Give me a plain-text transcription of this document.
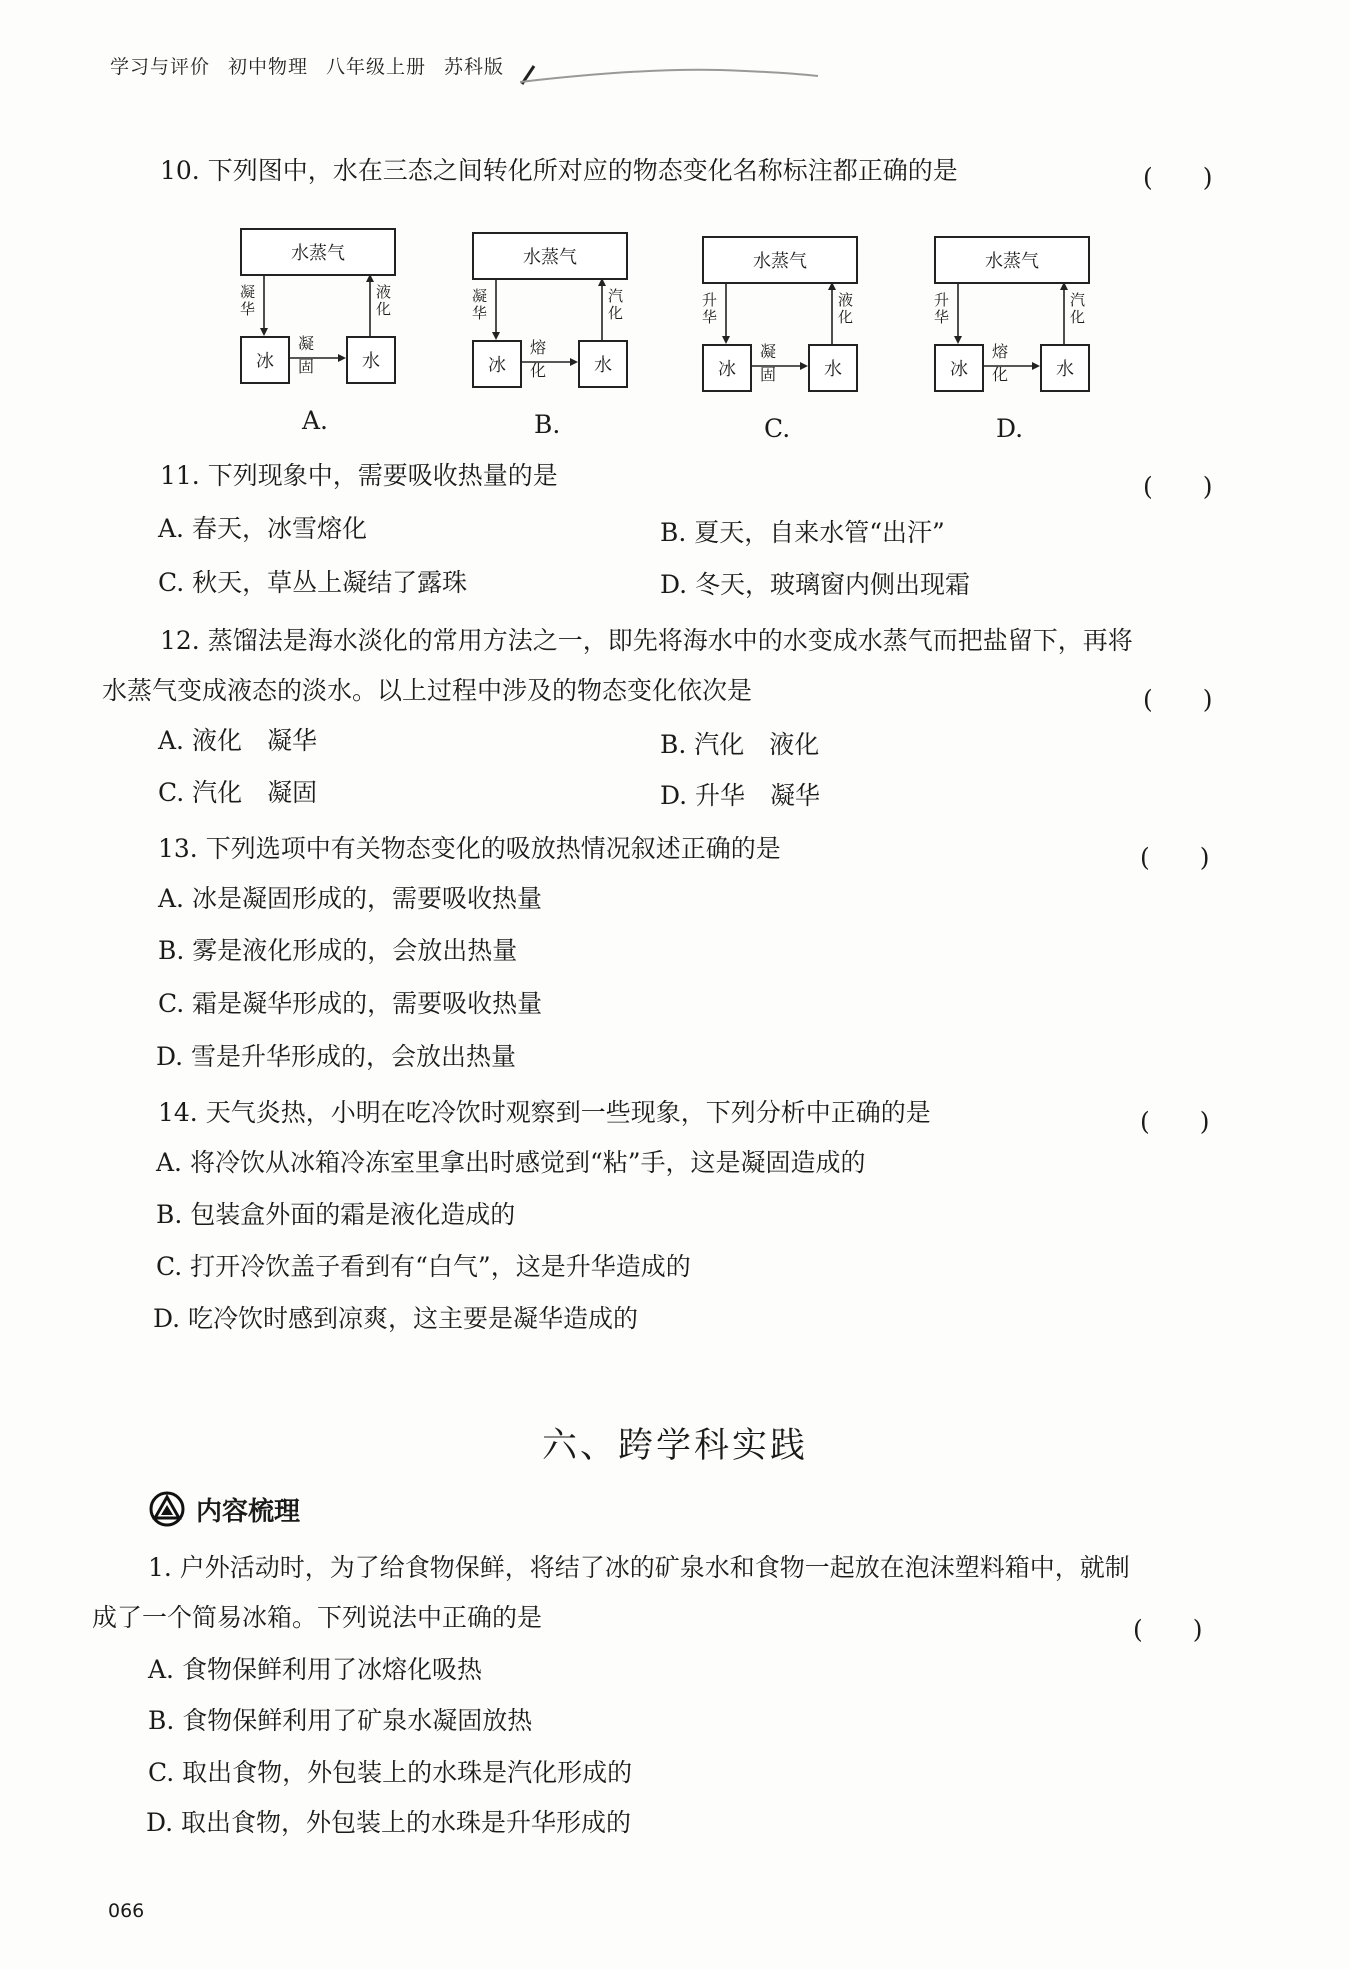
学习与评价 初中物理 八年级上册 苏科版
10. 下列图中，水在三态之间转化所对应的物态变化名称标注都正确的是	(　　)
水蒸气
冰	水
凝华
液化
凝固
A.
水蒸气
冰	水
凝华
汽化
熔化
B.
水蒸气
冰	水
升华
液化
凝固
C.
水蒸气
冰	水
升华
汽化
熔化
D.
11. 下列现象中，需要吸收热量的是	(　　)
A. 春天，冰雪熔化	B. 夏天，自来水管“出汗”
C. 秋天，草丛上凝结了露珠	D. 冬天，玻璃窗内侧出现霜
12. 蒸馏法是海水淡化的常用方法之一，即先将海水中的水变成水蒸气而把盐留下，再将
水蒸气变成液态的淡水。以上过程中涉及的物态变化依次是	(　　)
A. 液化　凝华	B. 汽化　液化
C. 汽化　凝固	D. 升华　凝华
13. 下列选项中有关物态变化的吸放热情况叙述正确的是	(　　)
A. 冰是凝固形成的，需要吸收热量
B. 雾是液化形成的，会放出热量
C. 霜是凝华形成的，需要吸收热量
D. 雪是升华形成的，会放出热量
14. 天气炎热，小明在吃冷饮时观察到一些现象，下列分析中正确的是	(　　)
A. 将冷饮从冰箱冷冻室里拿出时感觉到“粘”手，这是凝固造成的
B. 包装盒外面的霜是液化造成的
C. 打开冷饮盖子看到有“白气”，这是升华造成的
D. 吃冷饮时感到凉爽，这主要是凝华造成的
六、跨学科实践
内容梳理
1. 户外活动时，为了给食物保鲜，将结了冰的矿泉水和食物一起放在泡沫塑料箱中，就制
成了一个简易冰箱。下列说法中正确的是	(　　)
A. 食物保鲜利用了冰熔化吸热
B. 食物保鲜利用了矿泉水凝固放热
C. 取出食物，外包装上的水珠是汽化形成的
D. 取出食物，外包装上的水珠是升华形成的
066
